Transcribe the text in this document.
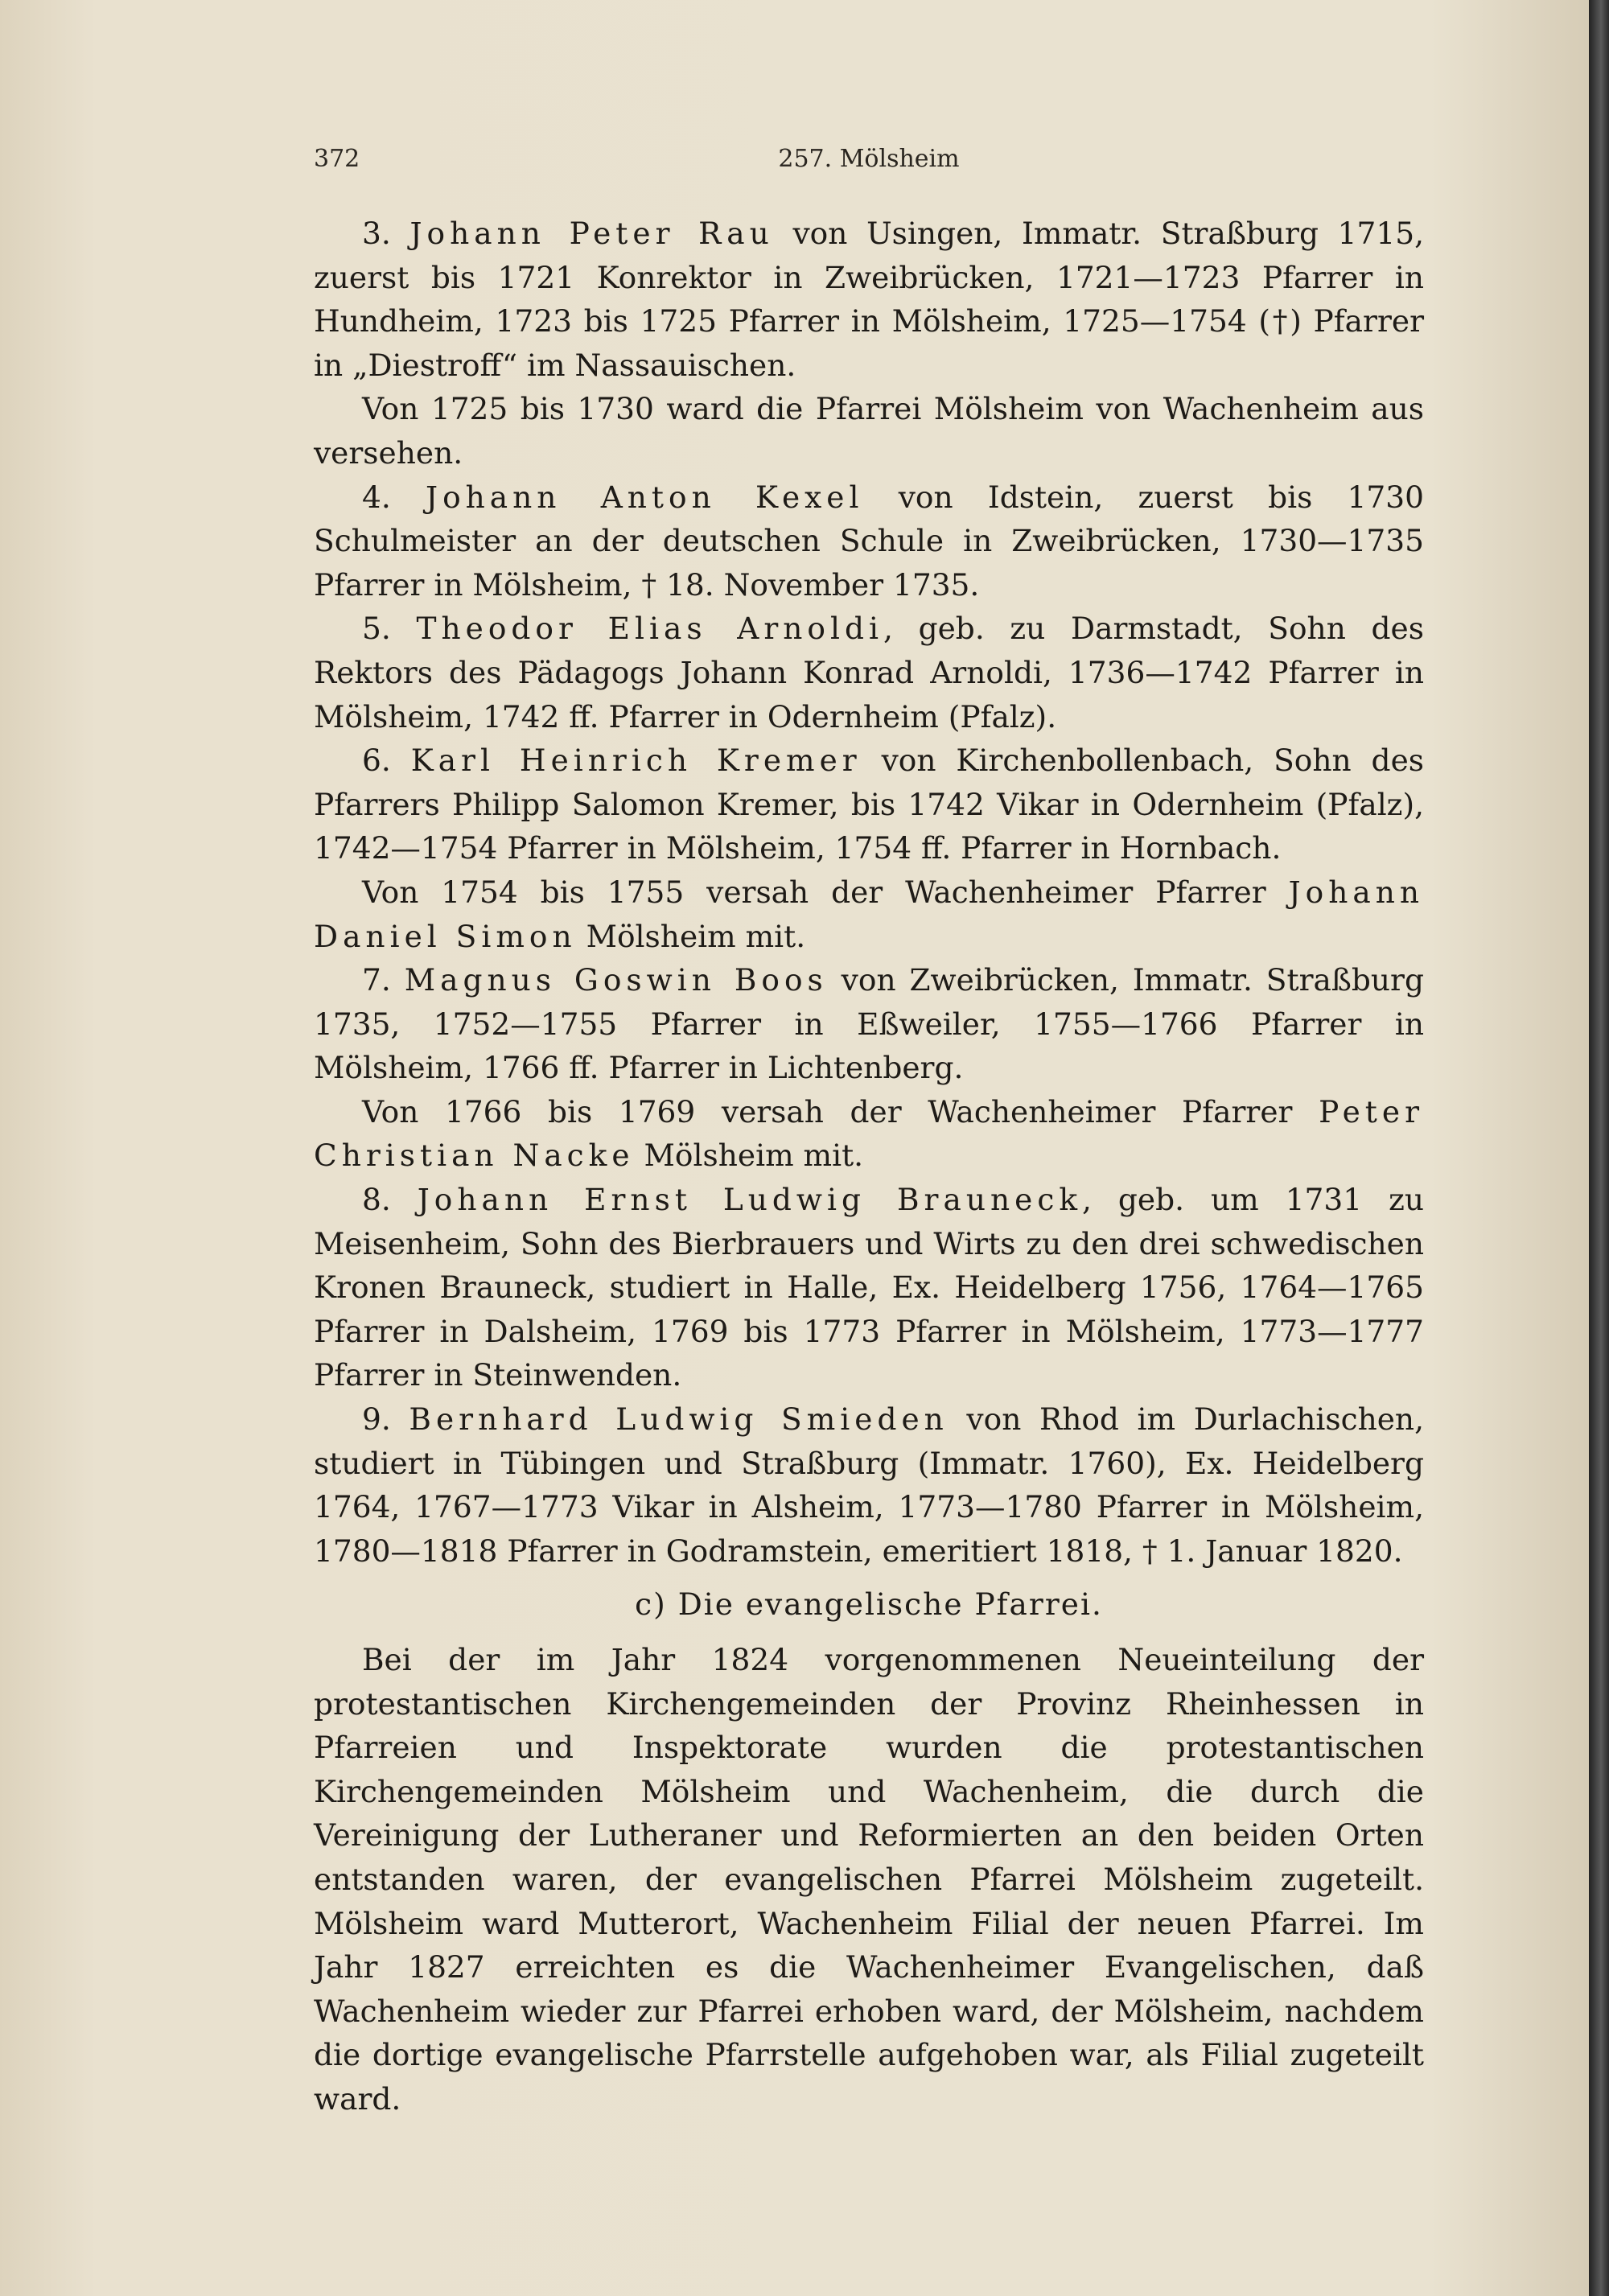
372	257. Mölsheim

3. Johann Peter Rau von Usingen, Immatr. Straßburg 1715, zuerst bis 1721 Konrektor in Zweibrücken, 1721—1723 Pfarrer in Hundheim, 1723 bis 1725 Pfarrer in Mölsheim, 1725—1754 (†) Pfarrer in „Diestroff“ im Nassauischen.

Von 1725 bis 1730 ward die Pfarrei Mölsheim von Wachenheim aus versehen.

4. Johann Anton Kexel von Idstein, zuerst bis 1730 Schulmeister an der deutschen Schule in Zweibrücken, 1730—1735 Pfarrer in Mölsheim, † 18. November 1735.

5. Theodor Elias Arnoldi, geb. zu Darmstadt, Sohn des Rektors des Pädagogs Johann Konrad Arnoldi, 1736—1742 Pfarrer in Mölsheim, 1742 ff. Pfarrer in Odernheim (Pfalz).

6. Karl Heinrich Kremer von Kirchenbollenbach, Sohn des Pfarrers Philipp Salomon Kremer, bis 1742 Vikar in Odernheim (Pfalz), 1742—1754 Pfarrer in Mölsheim, 1754 ff. Pfarrer in Hornbach.

Von 1754 bis 1755 versah der Wachenheimer Pfarrer Johann Daniel Simon Mölsheim mit.

7. Magnus Goswin Boos von Zweibrücken, Immatr. Straßburg 1735, 1752—1755 Pfarrer in Eßweiler, 1755—1766 Pfarrer in Mölsheim, 1766 ff. Pfarrer in Lichtenberg.

Von 1766 bis 1769 versah der Wachenheimer Pfarrer Peter Christian Nacke Mölsheim mit.

8. Johann Ernst Ludwig Brauneck, geb. um 1731 zu Meisenheim, Sohn des Bierbrauers und Wirts zu den drei schwedischen Kronen Brauneck, studiert in Halle, Ex. Heidelberg 1756, 1764—1765 Pfarrer in Dalsheim, 1769 bis 1773 Pfarrer in Mölsheim, 1773—1777 Pfarrer in Steinwenden.

9. Bernhard Ludwig Smieden von Rhod im Durlachischen, studiert in Tübingen und Straßburg (Immatr. 1760), Ex. Heidelberg 1764, 1767—1773 Vikar in Alsheim, 1773—1780 Pfarrer in Mölsheim, 1780—1818 Pfarrer in Godramstein, emeritiert 1818, † 1. Januar 1820.

c) Die evangelische Pfarrei.

Bei der im Jahr 1824 vorgenommenen Neueinteilung der protestantischen Kirchengemeinden der Provinz Rheinhessen in Pfarreien und Inspektorate wurden die protestantischen Kirchengemeinden Mölsheim und Wachenheim, die durch die Vereinigung der Lutheraner und Reformierten an den beiden Orten entstanden waren, der evangelischen Pfarrei Mölsheim zugeteilt. Mölsheim ward Mutterort, Wachenheim Filial der neuen Pfarrei. Im Jahr 1827 erreichten es die Wachenheimer Evangelischen, daß Wachenheim wieder zur Pfarrei erhoben ward, der Mölsheim, nachdem die dortige evangelische Pfarrstelle aufgehoben war, als Filial zugeteilt ward.
